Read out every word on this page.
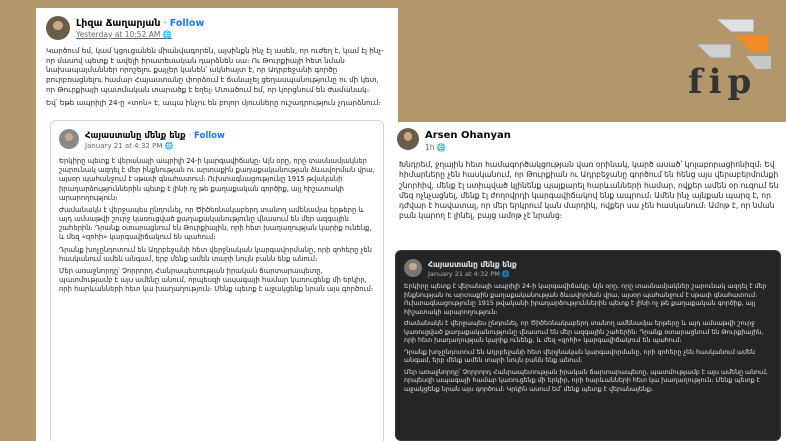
Լիզա Ճաղարյան · Follow
Yesterday at 10:52 AM 🌐

Կարծում եմ, կամ կցուցանեն միանվագորեն, այսինքն ինչ էլ ասեն, որ ուժեղ է, կամ էլ ինչ-որ մասով պետք է ավելի իրատեսական դարձնեն սա։ Ու Թուրքիայի հետ նման նախապայմաններ որոշելու քայլեր կանեն՝ ակնհայտ է, որ Ադրբեջանի գործը բուրբռացնելու համար Հայաստանը փորձում է ճանաչել ցեղասպանությունը ու մի կետ, որ Թուրքիայի պատմական տարածք է եղել։ Մտածում եմ, որ կորցնում են ժամանակ։

Եվ՝ եթե ապրիլի 24-ը «տոն» է, ապա ինչու են բոլոր մյուսները ուշադրություն չդարձնում։

Հայաստանը մենք ենք · Follow
January 21 at 4:32 PM 🌐

Երկիրը պետք է վերանայի ապրիլի 24-ի կարգավիճակը։ Այն օրը, որը տասնամյակներ շարունակ ազդել է մեր ինքնության ու արտաքին քաղաքականության ձևավորման վրա, այսօր պահանջում է սթափ գնահատում։ Ուխտագնացությունը 1915 թվականի իրադարձություններին պետք է լինի ոչ թե քաղաքական գործիք, այլ հիշատակի արարողություն։

Ժամանակն է վերջապես ընդունել, որ Ծիծեռնակաբերդ տանող ամենամյա երթերը և այդ ամսաթվի շուրջ կառուցված քաղաքականությունը վնասում են մեր ազգային շահերին։ Դրանք օտարացնում են Թուրքիային, որի հետ խաղաղության կարիք ունենք, և մեզ «զոհի» կարգավիճակում են պահում։

Դրանք խոչընդոտում են Ադրբեջանի հետ վերջնական կարգավորմանը, որի զոհերը չեն հասկանում ամեն անգամ, երբ մենք ամեն տարի նույն բանն ենք անում։

Մեր առաջնորդը՝ Չորրորդ Հանրապետության իրական ճարտարապետը, պատմությամբ է այս ամենը անում, որպեսզի ապագայի համար կառուցենք մի երկիր, որի հարևանների հետ կա խաղաղություն։ Մենք պետք է աջակցենք նրան այս գործում։

Arsen Ohanyan
1h 🌐

Խնդրեմ, ջղային հետ համագործակցության վառ օրինակ, կարծ ասած՝ կոլաբորացիոնիզմ։ Եվ հիմարները չեն հասկանում, որ Թուրքիան ու Ադրբեջանը գործում են հենց այս վերաբերմունքի շնորհիվ, մենք էլ ստիպված կլինենք պայքարել հարևանների համար, ովքեր ամեն օր ուզում են մեզ ոչնչացնել, մենք էլ ժողովրդի կարգավիճակով ենք ապրում։ Ամեն ինչ այնքան պարզ է, որ դժվար է հավատալ, որ մեր երկրում կան մարդիկ, ովքեր սա չեն հասկանում։ Ամոթ է, որ նման բան կարող է լինել, բայց ամոթ չէ նրանց։

Հայաստանը մենք ենք
January 21 at 4:32 PM 🌐

Երկիրը պետք է վերանայի ապրիլի 24-ի կարգավիճակը։ Այն օրը, որը տասնամյակներ շարունակ ազդել է մեր ինքնության ու արտաքին քաղաքականության ձևավորման վրա, այսօր պահանջում է սթափ գնահատում։ Ուխտագնացությունը 1915 թվականի իրադարձություններին պետք է լինի ոչ թե քաղաքական գործիք, այլ հիշատակի արարողություն։

Ժամանակն է վերջապես ընդունել, որ Ծիծեռնակաբերդ տանող ամենամյա երթերը և այդ ամսաթվի շուրջ կառուցված քաղաքականությունը վնասում են մեր ազգային շահերին։ Դրանք օտարացնում են Թուրքիային, որի հետ խաղաղության կարիք ունենք, և մեզ «զոհի» կարգավիճակում են պահում։

Դրանք խոչընդոտում են Ադրբեջանի հետ վերջնական կարգավորմանը, որի զոհերը չեն հասկանում ամեն անգամ, երբ մենք ամեն տարի նույն բանն ենք անում։

Մեր առաջնորդը՝ Չորրորդ Հանրապետության իրական ճարտարապետը, պատմությամբ է այս ամենը անում, որպեսզի ապագայի համար կառուցենք մի երկիր, որի հարևանների հետ կա խաղաղություն։ Մենք պետք է աջակցենք նրան այս գործում։ Կրկին ասում եմ՝ մենք պետք է վերանայենք։

fip
